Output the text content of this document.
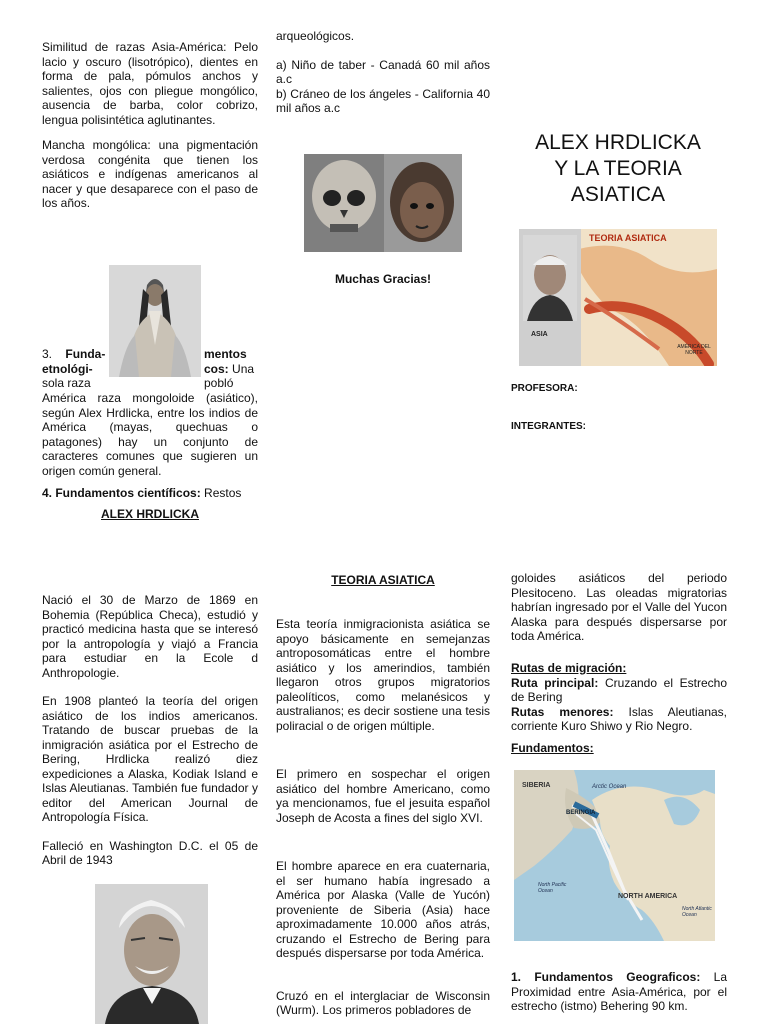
Similitud de razas Asia-América: Pelo lacio y oscuro (lisotrópico), dientes en forma de pala, pómulos anchos y salientes, ojos con pliegue mongólico, ausencia de barba, color cobrizo, lengua polisintética aglutinantes.

Mancha mongólica: una pigmentación verdosa congénita que tienen los asiáticos e indígenas americanos al nacer y que desaparece con el paso de los años.

3. Funda-
etnológi-
sola raza
mentos
cos: Una
pobló

América raza mongoloide (asiático), según Alex Hrdlicka, entre los indios de América (mayas, quechuas o patagones) hay un conjunto de caracteres comunes que sugieren un origen común general.

4. Fundamentos científicos: Restos

arqueológicos.

a) Niño de taber - Canadá 60 mil años a.c

b) Cráneo de los ángeles - California 40 mil años a.c

Muchas Gracias!
ALEX HRDLICKA
Y LA TEORIA
ASIATICA
TEORIA ASIATICA
ASIA
AMÉRICA DEL NORTE
PROFESORA:
INTEGRANTES:
ALEX HRDLICKA

Nació el 30 de Marzo de 1869 en Bohemia (República Checa), estudió y practicó medicina hasta que se interesó por la antropología y viajó a Francia para estudiar en la Ecole d Anthropologie.

En 1908 planteó la teoría del origen asiático de los indios americanos. Tratando de buscar pruebas de la inmigración asiática por el Estrecho de Bering, Hrdlicka realizó diez expediciones a Alaska, Kodiak Island e Islas Aleutianas. También fue fundador y editor del American Journal de Antropología Física.

Falleció en Washington D.C. el 05 de Abril de 1943

TEORIA ASIATICA

Esta teoría inmigracionista asiática se apoyo básicamente en semejanzas antroposomáticas entre el hombre asiático y los amerindios, también llegaron otros grupos migratorios paleolíticos, como melanésicos y australianos; es decir sostiene una tesis poliracial o de origen múltiple.

El primero en sospechar el origen asiático del hombre Americano, como ya mencionamos, fue el jesuita español Joseph de Acosta a fines del siglo XVI.

El hombre aparece en era cuaternaria, el ser humano había ingresado a América por Alaska (Valle de Yucón) proveniente de Siberia (Asia) hace aproximadamente 10.000 años atrás, cruzando el Estrecho de Bering para después dispersarse por toda América.

Cruzó en el interglaciar de Wisconsin (Wurm). Los primeros pobladores de

goloides asiáticos del periodo Plesitoceno. Las oleadas migratorias habrían ingresado por el Valle del Yucon Alaska para después dispersarse por toda América.

Rutas de migración:

Ruta principal: Cruzando el Estrecho de Bering

Rutas menores: Islas Aleutianas, corriente Kuro Shiwo y Rio Negro.

Fundamentos:
SIBERIA
BERINGIA
Arctic Ocean
NORTH AMERICA
North Pacific Ocean
North Atlantic Ocean
1. Fundamentos Geograficos: La Proximidad entre Asia-América, por el estrecho (istmo) Behering 90 km.
